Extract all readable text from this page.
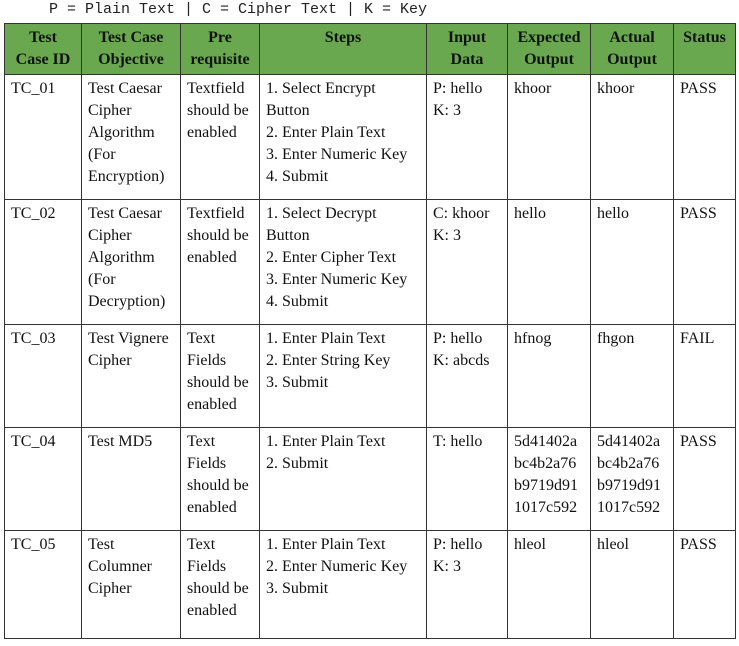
P = Plain Text | C = Cipher Text | K = Key
Test
Case ID	Test Case
Objective	Pre
requisite	Steps	Input
Data	Expected
Output	Actual
Output	Status

TC_01	Test Caesar
Cipher
Algorithm
(For
Encryption)	Textfield
should be
enabled	1. Select Encrypt
Button
2. Enter Plain Text
3. Enter Numeric Key
4. Submit	P: hello
K: 3	khoor	khoor	PASS

TC_02	Test Caesar
Cipher
Algorithm
(For
Decryption)	Textfield
should be
enabled	1. Select Decrypt
Button
2. Enter Cipher Text
3. Enter Numeric Key
4. Submit	C: khoor
K: 3	hello	hello	PASS

TC_03	Test Vignere
Cipher	Text
Fields
should be
enabled	1. Enter Plain Text
2. Enter String Key
3. Submit	P: hello
K: abcds	hfnog	fhgon	FAIL

TC_04	Test MD5	Text
Fields
should be
enabled	1. Enter Plain Text
2. Submit	T: hello	5d41402a
bc4b2a76
b9719d91
1017c592	5d41402a
bc4b2a76
b9719d91
1017c592	PASS

TC_05	Test
Columner
Cipher	Text
Fields
should be
enabled	1. Enter Plain Text
2. Enter Numeric Key
3. Submit	P: hello
K: 3	hleol	hleol	PASS
